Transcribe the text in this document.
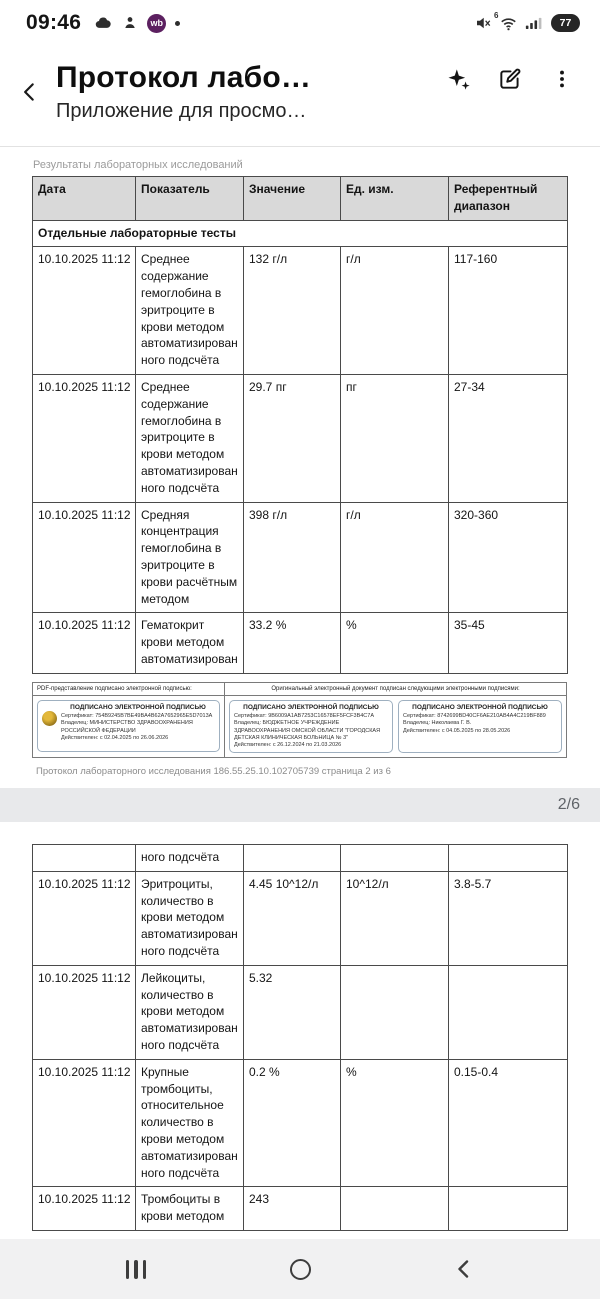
09:46	wb
6
77
Протокол лабо…
Приложение для просмо…
Результаты лабораторных исследований
Дата	Показатель	Значение	Ед. изм.	Референтный диапазон
Отдельные лабораторные тесты				
10.10.2025 11:12	Среднее содержание гемоглобина в эритроците в крови методом автоматизированного подсчёта	132 г/л	г/л	117-160
10.10.2025 11:12	Среднее содержание гемоглобина в эритроците в крови методом автоматизированного подсчёта	29.7 пг	пг	27-34
10.10.2025 11:12	Средняя концентрация гемоглобина в эритроците в крови расчётным методом	398 г/л	г/л	320-360
10.10.2025 11:12	Гематокрит крови методом автоматизирован	33.2 %	%	35-45
PDF-представление подписано электронной подписью:
ПОДПИСАНО ЭЛЕКТРОННОЙ ПОДПИСЬЮ
Сертификат: 754B9245B7BE49BA4B62A7652965E5D7013A
Владелец: МИНИСТЕРСТВО ЗДРАВООХРАНЕНИЯ РОССИЙСКОЙ ФЕДЕРАЦИИ
Действителен: с 02.04.2025 по 26.06.2026
Оригинальный электронный документ подписан следующими электронными подписями:
ПОДПИСАНО ЭЛЕКТРОННОЙ ПОДПИСЬЮ
Сертификат: 9B6009A1AB7253C16578EF5FCF3B4C7A
Владелец: БЮДЖЕТНОЕ УЧРЕЖДЕНИЕ ЗДРАВООХРАНЕНИЯ ОМСКОЙ ОБЛАСТИ "ГОРОДСКАЯ ДЕТСКАЯ КЛИНИЧЕСКАЯ БОЛЬНИЦА № 3"
Действителен: с 26.12.2024 по 21.03.2026
ПОДПИСАНО ЭЛЕКТРОННОЙ ПОДПИСЬЮ
Сертификат: 8742699BD40CF6AE210AB4A4C219BF889
Владелец: Николаева Г. В.
Действителен: с 04.05.2025 по 28.05.2026
Протокол лабораторного исследования 186.55.25.10.102705739 страница 2 из 6
2/6
	ного подсчёта			
10.10.2025 11:12	Эритроциты, количество в крови методом автоматизированного подсчёта	4.45 10^12/л	10^12/л	3.8-5.7
10.10.2025 11:12	Лейкоциты, количество в крови методом автоматизированного подсчёта	5.32		
10.10.2025 11:12	Крупные тромбоциты, относительное количество в крови методом автоматизированного подсчёта	0.2 %	%	0.15-0.4
10.10.2025 11:12	Тромбоциты в крови методом	243		
